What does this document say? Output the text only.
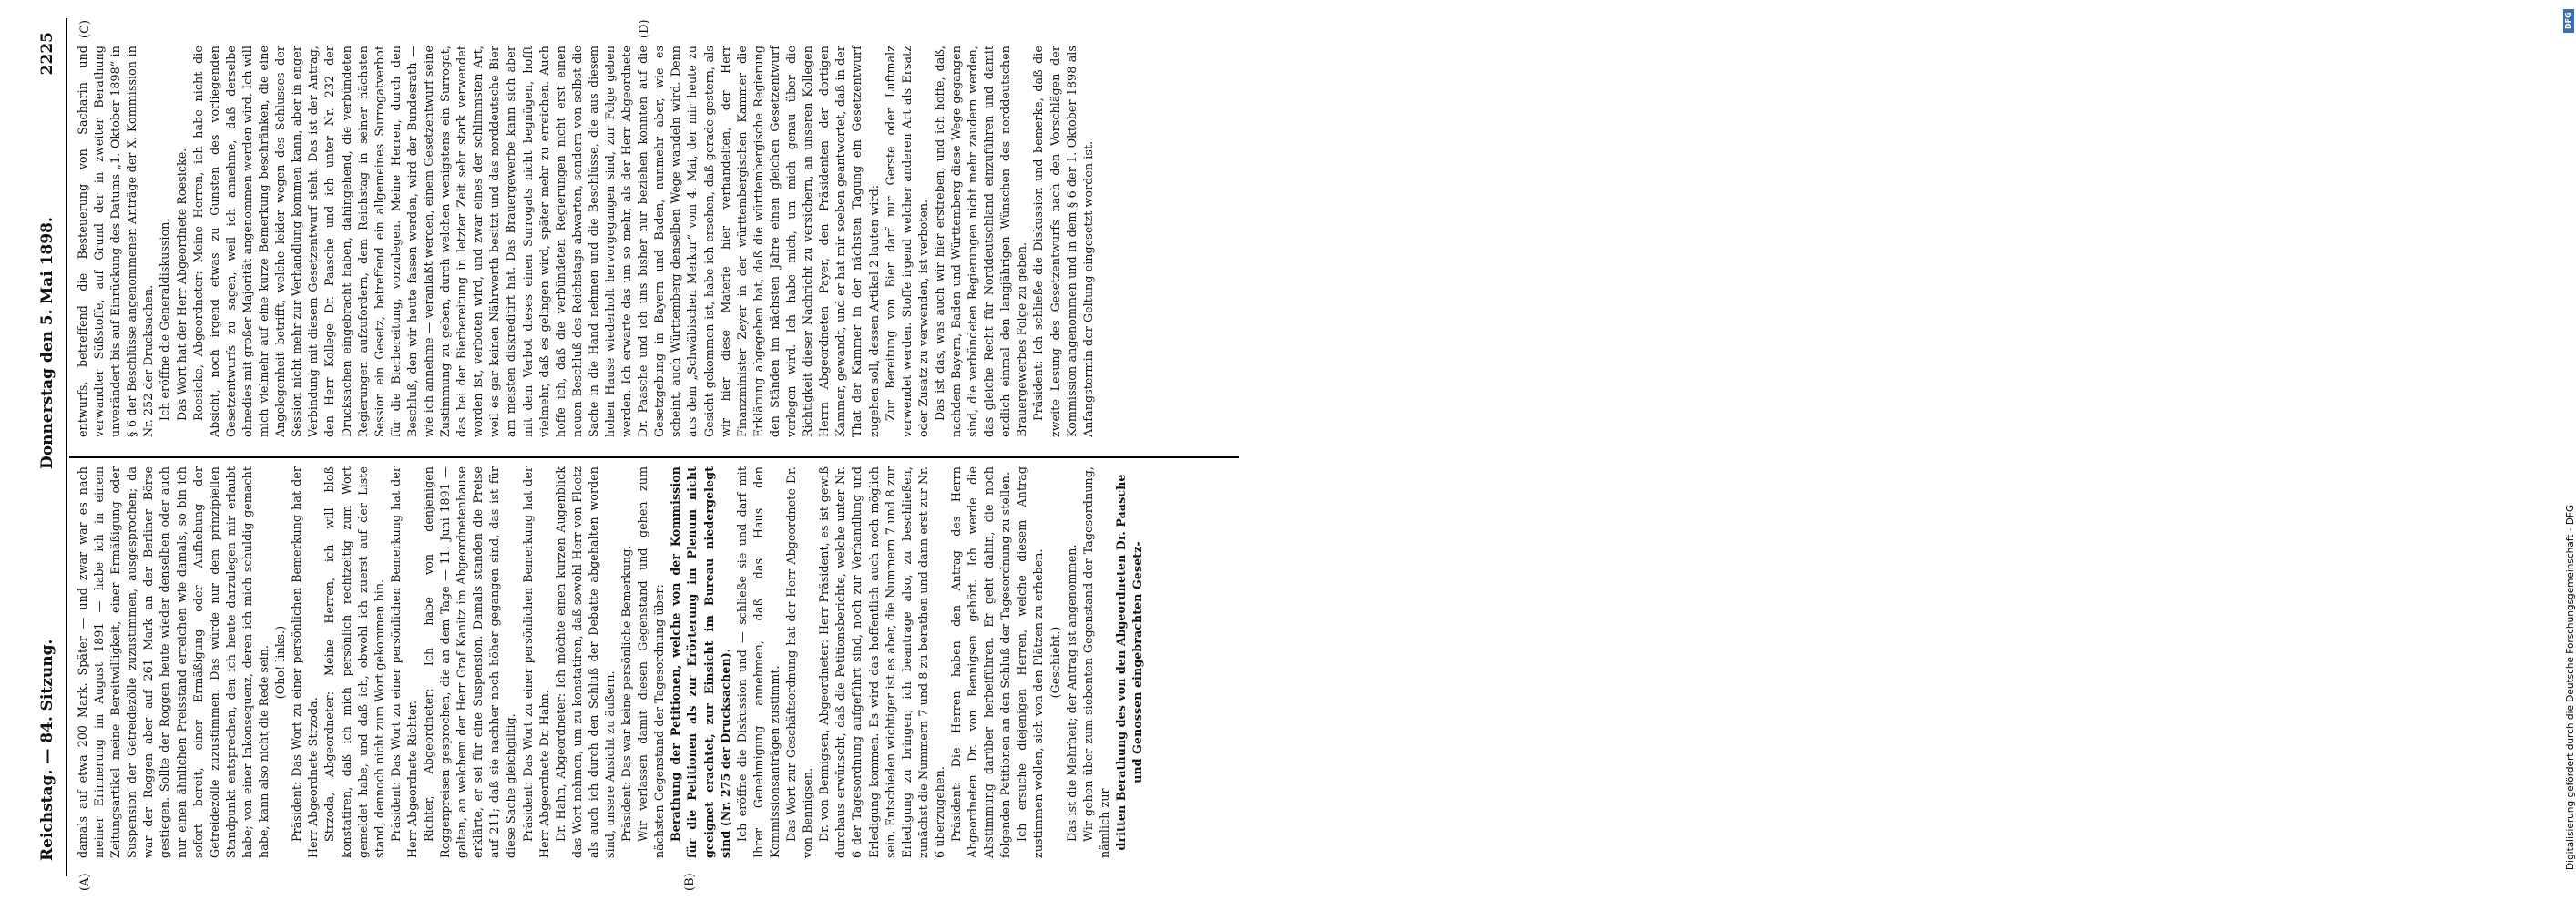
Reichstag. — 84. Sitzung.
Donnerstag den 5. Mai 1898.
2225
(A)	(B)
(C)	(D)

damals auf etwa 200 Mark. Später — und zwar war es nach meiner Erinnerung im August 1891 — habe ich in einem Zeitungsartikel meine Bereitwilligkeit, einer Ermäßigung oder Suspension der Getreidezölle zuzustimmen, ausgesprochen; da war der Roggen aber auf 261 Mark an der Berliner Börse gestiegen. Sollte der Roggen heute wieder denselben oder auch nur einen ähnlichen Preisstand erreichen wie damals, so bin ich sofort bereit, einer Ermäßigung oder Aufhebung der Getreidezölle zuzustimmen. Das würde nur dem prinzipiellen Standpunkt entsprechen, den ich heute darzulegen mir erlaubt habe; von einer Inkonsequenz, deren ich mich schuldig gemacht habe, kann also nicht die Rede sein. (Oho! links.) Präsident: Das Wort zu einer persönlichen Bemerkung hat der Herr Abgeordnete Strzoda. Strzoda, Abgeordneter: Meine Herren, ich will bloß konstatiren, daß ich mich persönlich rechtzeitig zum Wort gemeldet habe, und daß ich, obwohl ich zuerst auf der Liste stand, dennoch nicht zum Wort gekommen bin. Präsident: Das Wort zu einer persönlichen Bemerkung hat der Herr Abgeordnete Richter. Richter, Abgeordneter: Ich habe von denjenigen Roggenpreisen gesprochen, die an dem Tage — 11. Juni 1891 — galten, an welchem der Herr Graf Kanitz im Abgeordnetenhause erklärte, er sei für eine Suspension. Damals standen die Preise auf 211; daß sie nachher noch höher gegangen sind, das ist für diese Sache gleichgiltig. Präsident: Das Wort zu einer persönlichen Bemerkung hat der Herr Abgeordnete Dr. Hahn. Dr. Hahn, Abgeordneter: Ich möchte einen kurzen Augenblick das Wort nehmen, um zu konstatiren, daß sowohl Herr von Ploetz als auch ich durch den Schluß der Debatte abgehalten worden sind, unsere Ansicht zu äußern. Präsident: Das war keine persönliche Bemerkung. Wir verlassen damit diesen Gegenstand und gehen zum nächsten Gegenstand der Tagesordnung über: Berathung der Petitionen, welche von der Kommission für die Petitionen als zur Erörterung im Plenum nicht geeignet erachtet, zur Einsicht im Bureau niedergelegt sind (Nr. 275 der Drucksachen). Ich eröffne die Diskussion und — schließe sie und darf mit Ihrer Genehmigung annehmen, daß das Haus den Kommissionsanträgen zustimmt. Das Wort zur Geschäftsordnung hat der Herr Abgeordnete Dr. von Bennigsen. Dr. von Bennigsen, Abgeordneter: Herr Präsident, es ist gewiß durchaus erwünscht, daß die Petitionsberichte, welche unter Nr. 6 der Tagesordnung aufgeführt sind, noch zur Verhandlung und Erledigung kommen. Es wird das hoffentlich auch noch möglich sein. Entschieden wichtiger ist es aber, die Nummern 7 und 8 zur Erledigung zu bringen; ich beantrage also, zu beschließen, zunächst die Nummern 7 und 8 zu berathen und dann erst zur Nr. 6 überzugehen. Präsident: Die Herren haben den Antrag des Herrn Abgeordneten Dr. von Bennigsen gehört. Ich werde die Abstimmung darüber herbeiführen. Er geht dahin, die noch folgenden Petitionen an den Schluß der Tagesordnung zu stellen. Ich ersuche diejenigen Herren, welche diesem Antrag zustimmen wollen, sich von den Plätzen zu erheben. (Geschieht.) Das ist die Mehrheit; der Antrag ist angenommen. Wir gehen über zum siebenten Gegenstand der Tagesordnung, nämlich zur dritten Berathung des von den Abgeordneten Dr. Paasche und Genossen eingebrachten Gesetz-

entwurfs, betreffend die Besteuerung von Sacharin und verwandter Süßstoffe, auf Grund der in zweiter Berathung unverändert bis auf Einrückung des Datums „1. Oktober 1898“ in § 6 der Beschlüsse angenommenen Anträge der X. Kommission in Nr. 252 der Drucksachen. Ich eröffne die Generaldiskussion. Das Wort hat der Herr Abgeordnete Roesicke. Roesicke, Abgeordneter: Meine Herren, ich habe nicht die Absicht, noch irgend etwas zu Gunsten des vorliegenden Gesetzentwurfs zu sagen, weil ich annehme, daß derselbe ohnedies mit großer Majorität angenommen werden wird. Ich will mich vielmehr auf eine kurze Bemerkung beschränken, die eine Angelegenheit betrifft, welche leider wegen des Schlusses der Session nicht mehr zur Verhandlung kommen kann, aber in enger Verbindung mit diesem Gesetzentwurf steht. Das ist der Antrag, den Herr Kollege Dr. Paasche und ich unter Nr. 232 der Drucksachen eingebracht haben, dahingehend, die verbündeten Regierungen aufzufordern, dem Reichstag in seiner nächsten Session ein Gesetz, betreffend ein allgemeines Surrogatverbot für die Bierbereitung, vorzulegen. Meine Herren, durch den Beschluß, den wir heute fassen werden, wird der Bundesrath — wie ich annehme — veranlaßt werden, einem Gesetzentwurf seine Zustimmung zu geben, durch welchen wenigstens ein Surrogat, das bei der Bierbereitung in letzter Zeit sehr stark verwendet worden ist, verboten wird, und zwar eines der schlimmsten Art, weil es gar keinen Nährwerth besitzt und das norddeutsche Bier am meisten diskreditirt hat. Das Brauergewerbe kann sich aber mit dem Verbot dieses einen Surrogats nicht begnügen, hofft vielmehr, daß es gelingen wird, später mehr zu erreichen. Auch hoffe ich, daß die verbündeten Regierungen nicht erst einen neuen Beschluß des Reichstags abwarten, sondern von selbst die Sache in die Hand nehmen und die Beschlüsse, die aus diesem hohen Hause wiederholt hervorgegangen sind, zur Folge geben werden. Ich erwarte das um so mehr, als der Herr Abgeordnete Dr. Paasche und ich uns bisher nur beziehen konnten auf die Gesetzgebung in Bayern und Baden, nunmehr aber, wie es scheint, auch Württemberg denselben Wege wandeln wird. Denn aus dem „Schwäbischen Merkur“ vom 4. Mai, der mir heute zu Gesicht gekommen ist, habe ich ersehen, daß gerade gestern, als wir hier diese Materie hier verhandelten, der Herr Finanzminister Zeyer in der württembergischen Kammer die Erklärung abgegeben hat, daß die württembergische Regierung den Ständen im nächsten Jahre einen gleichen Gesetzentwurf vorlegen wird. Ich habe mich, um mich genau über die Richtigkeit dieser Nachricht zu versichern, an unseren Kollegen Herrn Abgeordneten Payer, den Präsidenten der dortigen Kammer, gewandt, und er hat mir soeben geantwortet, daß in der That der Kammer in der nächsten Tagung ein Gesetzentwurf zugehen soll, dessen Artikel 2 lauten wird: Zur Bereitung von Bier darf nur Gerste oder Luftmalz verwendet werden. Stoffe irgend welcher anderen Art als Ersatz oder Zusatz zu verwenden, ist verboten. Das ist das, was auch wir hier erstreben, und ich hoffe, daß, nachdem Bayern, Baden und Württemberg diese Wege gegangen sind, die verbündeten Regierungen nicht mehr zaudern werden, das gleiche Recht für Norddeutschland einzuführen und damit endlich einmal den langjährigen Wünschen des norddeutschen Brauergewerbes Folge zu geben. Präsident: Ich schließe die Diskussion und bemerke, daß die zweite Lesung des Gesetzentwurfs nach den Vorschlägen der Kommission angenommen und in dem § 6 der 1. Oktober 1898 als Anfangstermin der Geltung eingesetzt worden ist.

DFG
Digitalisierung gefördert durch die Deutsche Forschungsgemeinschaft - DFG
